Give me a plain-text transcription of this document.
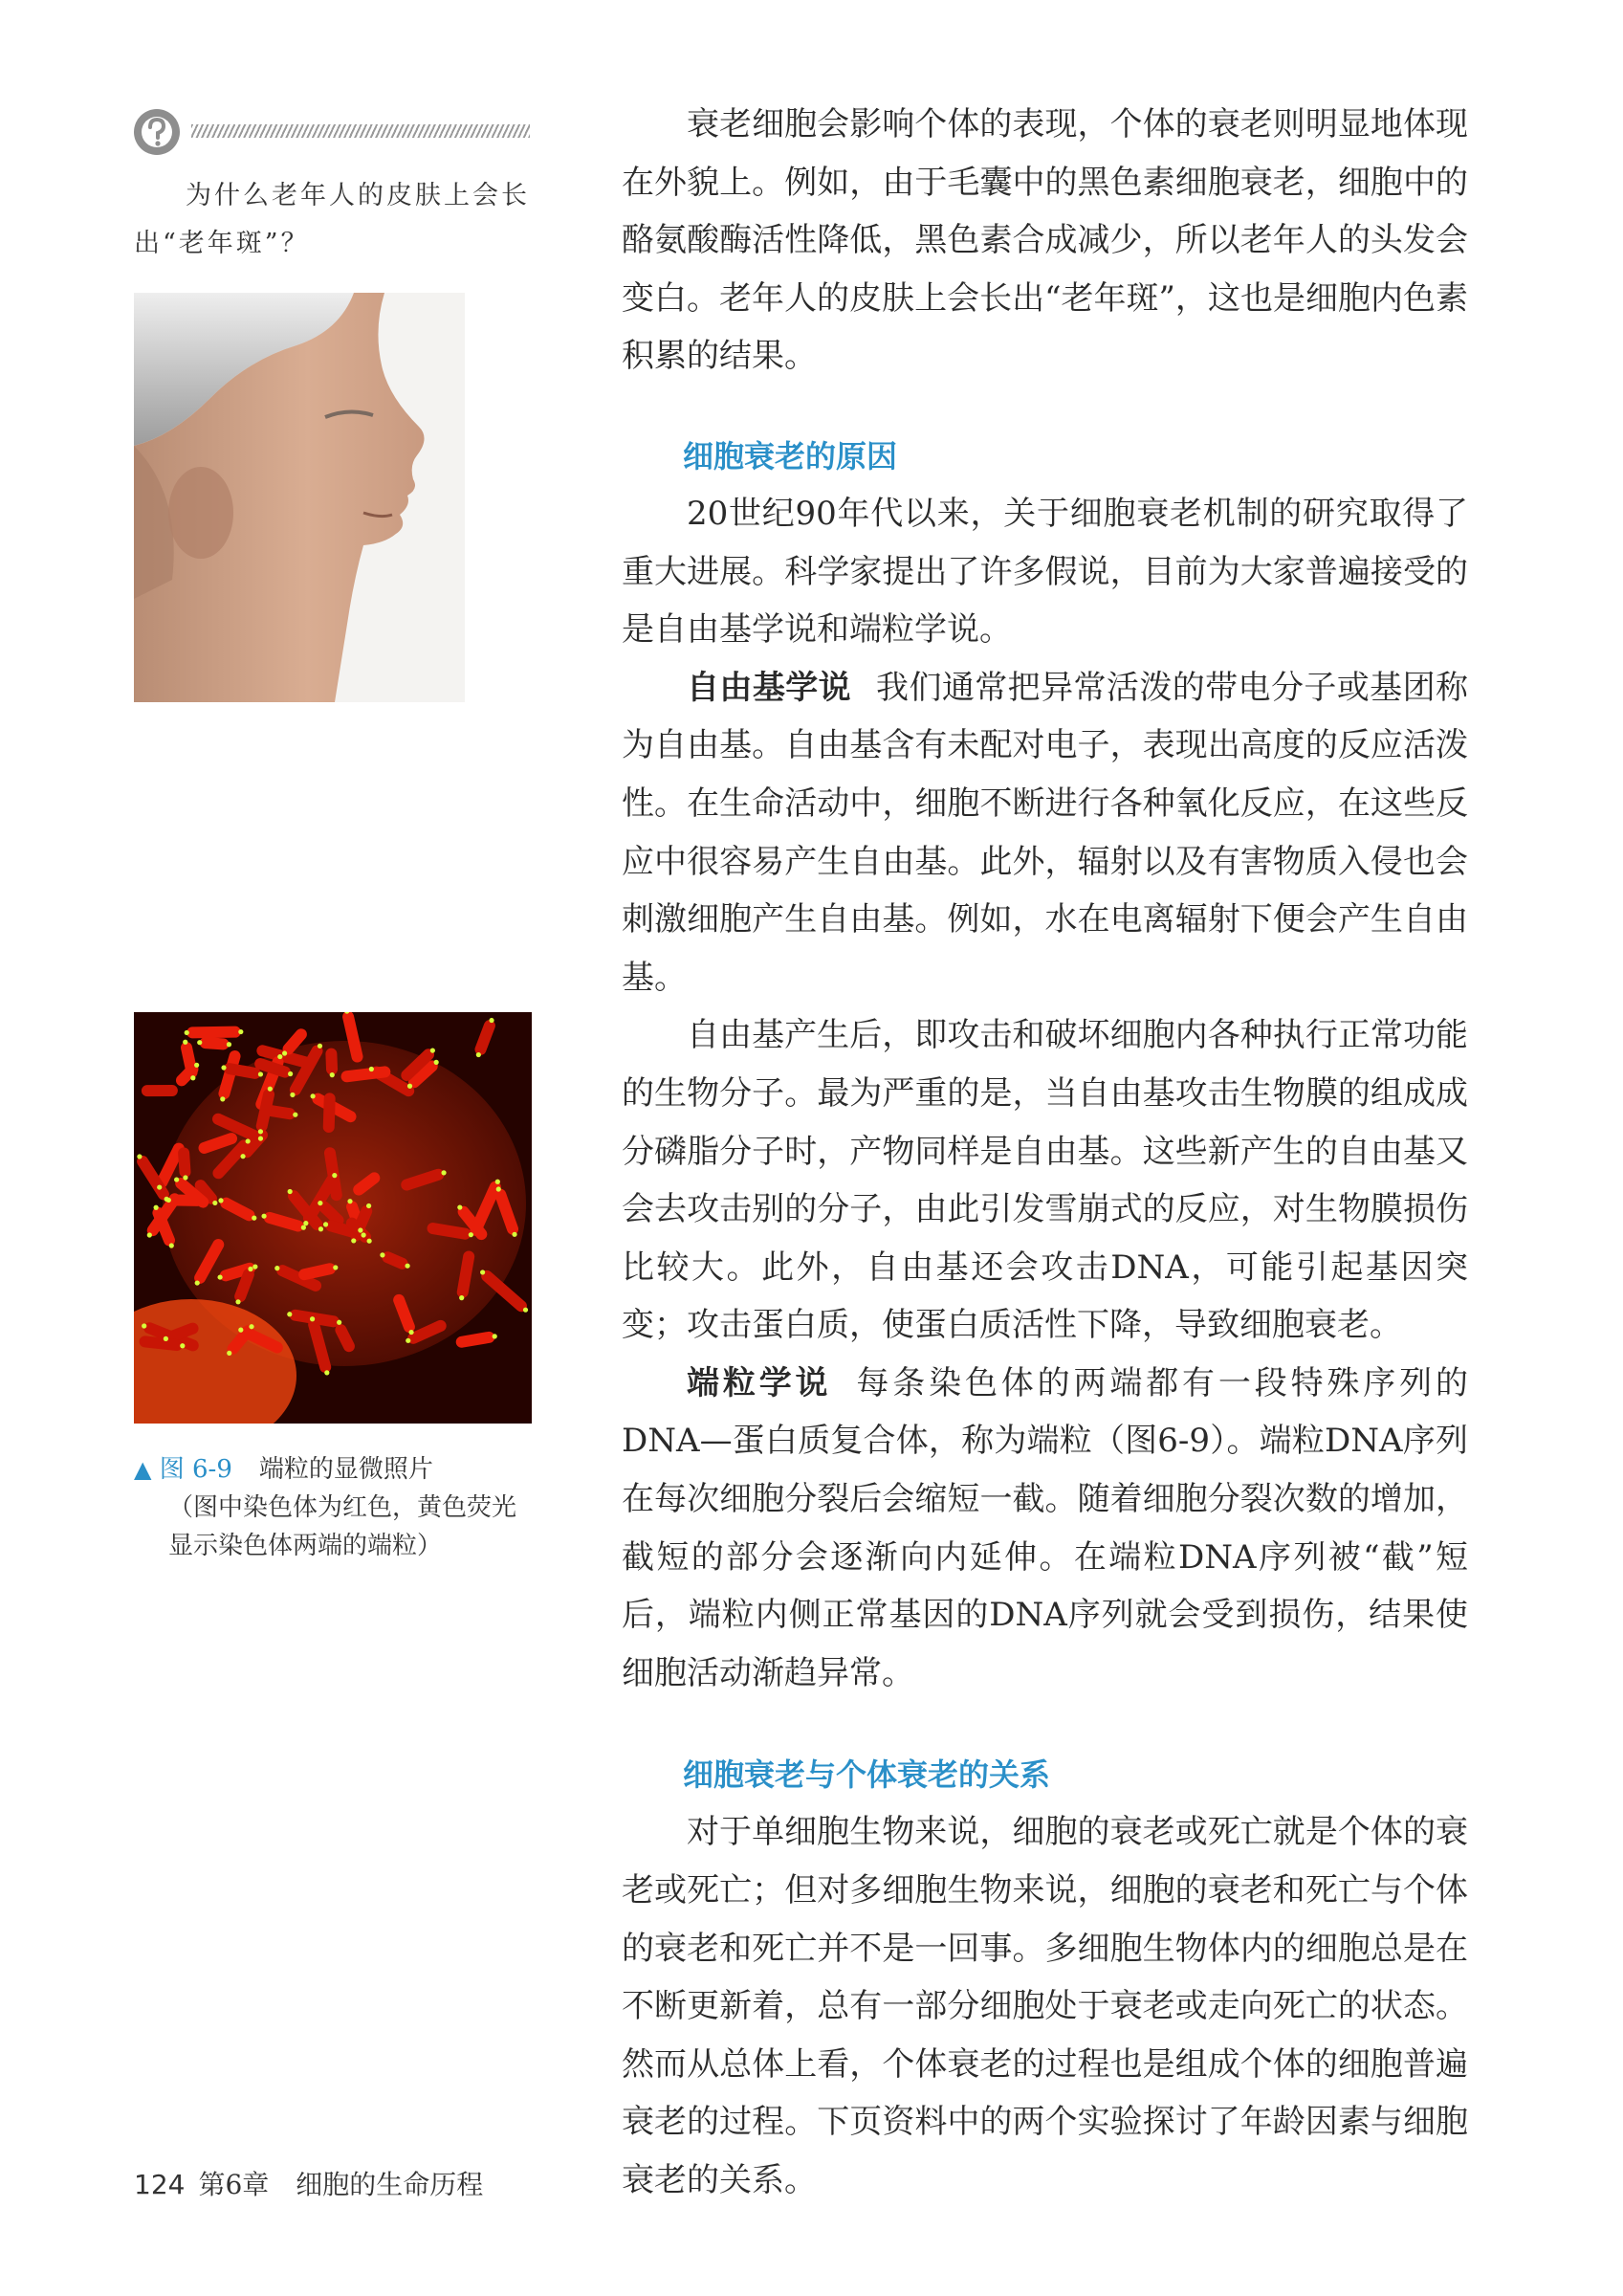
为什么老年人的皮肤上会长出“老年斑”？

▲ 图 6-9 端粒的显微照片
（图中染色体为红色，黄色荧光
显示染色体两端的端粒）

衰老细胞会影响个体的表现，个体的衰老则明显地体现在外貌上。例如，由于毛囊中的黑色素细胞衰老，细胞中的酪氨酸酶活性降低，黑色素合成减少，所以老年人的头发会变白。老年人的皮肤上会长出“老年斑”，这也是细胞内色素积累的结果。

细胞衰老的原因

20世纪90年代以来，关于细胞衰老机制的研究取得了重大进展。科学家提出了许多假说，目前为大家普遍接受的是自由基学说和端粒学说。

自由基学说 我们通常把异常活泼的带电分子或基团称为自由基。自由基含有未配对电子，表现出高度的反应活泼性。在生命活动中，细胞不断进行各种氧化反应，在这些反应中很容易产生自由基。此外，辐射以及有害物质入侵也会刺激细胞产生自由基。例如，水在电离辐射下便会产生自由基。

自由基产生后，即攻击和破坏细胞内各种执行正常功能的生物分子。最为严重的是，当自由基攻击生物膜的组成成分磷脂分子时，产物同样是自由基。这些新产生的自由基又会去攻击别的分子，由此引发雪崩式的反应，对生物膜损伤比较大。此外，自由基还会攻击DNA，可能引起基因突变；攻击蛋白质，使蛋白质活性下降，导致细胞衰老。

端粒学说 每条染色体的两端都有一段特殊序列的DNA—蛋白质复合体，称为端粒（图6-9）。端粒DNA序列在每次细胞分裂后会缩短一截。随着细胞分裂次数的增加，截短的部分会逐渐向内延伸。在端粒DNA序列被“截”短后，端粒内侧正常基因的DNA序列就会受到损伤，结果使细胞活动渐趋异常。

细胞衰老与个体衰老的关系

对于单细胞生物来说，细胞的衰老或死亡就是个体的衰老或死亡；但对多细胞生物来说，细胞的衰老和死亡与个体的衰老和死亡并不是一回事。多细胞生物体内的细胞总是在不断更新着，总有一部分细胞处于衰老或走向死亡的状态。然而从总体上看，个体衰老的过程也是组成个体的细胞普遍衰老的过程。下页资料中的两个实验探讨了年龄因素与细胞衰老的关系。

124 第6章 细胞的生命历程
